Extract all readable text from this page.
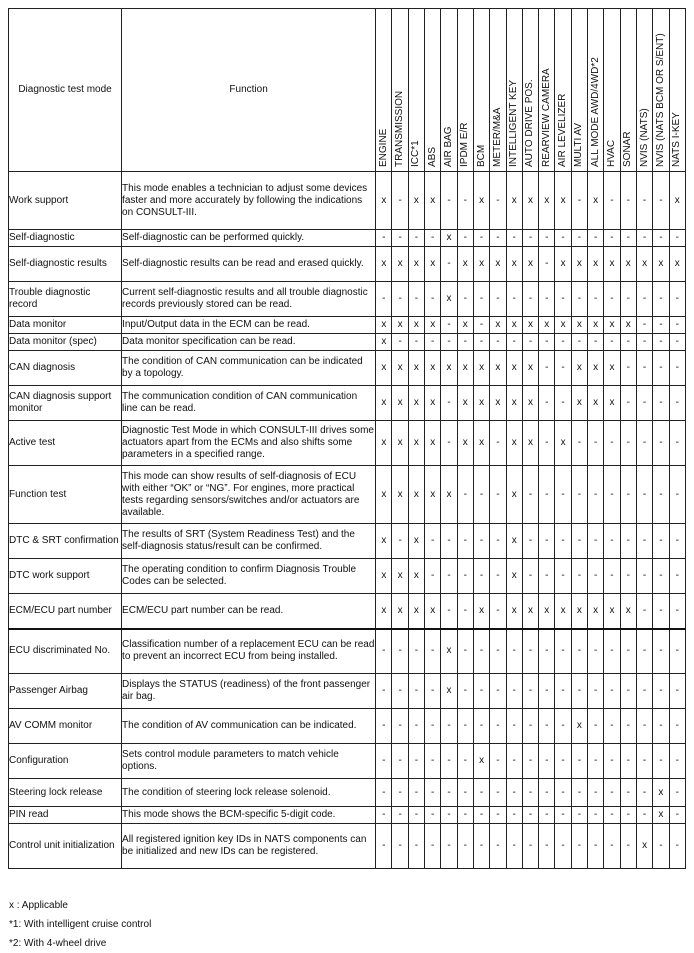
Diagnostic test mode	Function	ENGINE	TRANSMISSION	ICC*1	ABS	AIR BAG	IPDM E/R	BCM	METER/M&A	INTELLIGENT KEY	AUTO DRIVE POS.	REARVIEW CAMERA	AIR LEVELIZER	MULTI AV	ALL MODE AWD/4WD*2	HVAC	SONAR	NVIS (NATS)	NVIS (NATS BCM OR S/ENT)	NATS I-KEY

Work support	This mode enables a technician to adjust some devices faster and more accurately by following the indications on CONSULT-III.	x	-	x	x	-	-	x	-	x	x	x	x	-	x	-	-	-	-	x
Self-diagnostic	Self-diagnostic can be performed quickly.	-	-	-	-	x	-	-	-	-	-	-	-	-	-	-	-	-	-	-
Self-diagnostic results	Self-diagnostic results can be read and erased quickly.	x	x	x	x	-	x	x	x	x	x	-	x	x	x	x	x	x	x	x
Trouble diagnostic record	Current self-diagnostic results and all trouble diagnostic records previously stored can be read.	-	-	-	-	x	-	-	-	-	-	-	-	-	-	-	-	-	-	-
Data monitor	Input/Output data in the ECM can be read.	x	x	x	x	-	x	-	x	x	x	x	x	x	x	x	x	-	-	-
Data monitor (spec)	Data monitor specification can be read.	x	-	-	-	-	-	-	-	-	-	-	-	-	-	-	-	-	-	-
CAN diagnosis	The condition of CAN communication can be indicated by a topology.	x	x	x	x	x	x	x	x	x	x	-	-	x	x	x	-	-	-	-
CAN diagnosis support monitor	The communication condition of CAN communication line can be read.	x	x	x	x	-	x	x	x	x	x	-	-	x	x	x	-	-	-	-
Active test	Diagnostic Test Mode in which CONSULT-III drives some actuators apart from the ECMs and also shifts some parameters in a specified range.	x	x	x	x	-	x	x	-	x	x	-	x	-	-	-	-	-	-	-
Function test	This mode can show results of self-diagnosis of ECU with either “OK” or “NG”. For engines, more practical tests regarding sensors/switches and/or actuators are available.	x	x	x	x	x	-	-	-	x	-	-	-	-	-	-	-	-	-	-
DTC & SRT confirmation	The results of SRT (System Readiness Test) and the self-diagnosis status/result can be confirmed.	x	-	x	-	-	-	-	-	x	-	-	-	-	-	-	-	-	-	-
DTC work support	The operating condition to confirm Diagnosis Trouble Codes can be selected.	x	x	x	-	-	-	-	-	x	-	-	-	-	-	-	-	-	-	-
ECM/ECU part number	ECM/ECU part number can be read.	x	x	x	x	-	-	x	-	x	x	x	x	x	x	x	x	-	-	-
ECU discriminated No.	Classification number of a replacement ECU can be read to prevent an incorrect ECU from being installed.	-	-	-	-	x	-	-	-	-	-	-	-	-	-	-	-	-	-	-
Passenger Airbag	Displays the STATUS (readiness) of the front passenger air bag.	-	-	-	-	x	-	-	-	-	-	-	-	-	-	-	-	-	-	-
AV COMM monitor	The condition of AV communication can be indicated.	-	-	-	-	-	-	-	-	-	-	-	-	x	-	-	-	-	-	-
Configuration	Sets control module parameters to match vehicle options.	-	-	-	-	-	-	x	-	-	-	-	-	-	-	-	-	-	-	-
Steering lock release	The condition of steering lock release solenoid.	-	-	-	-	-	-	-	-	-	-	-	-	-	-	-	-	-	x	-
PIN read	This mode shows the BCM-specific 5-digit code.	-	-	-	-	-	-	-	-	-	-	-	-	-	-	-	-	-	x	-
Control unit initialization	All registered ignition key IDs in NATS components can be initialized and new IDs can be registered.	-	-	-	-	-	-	-	-	-	-	-	-	-	-	-	-	x	-	-
x : Applicable
*1: With intelligent cruise control
*2: With 4-wheel drive
